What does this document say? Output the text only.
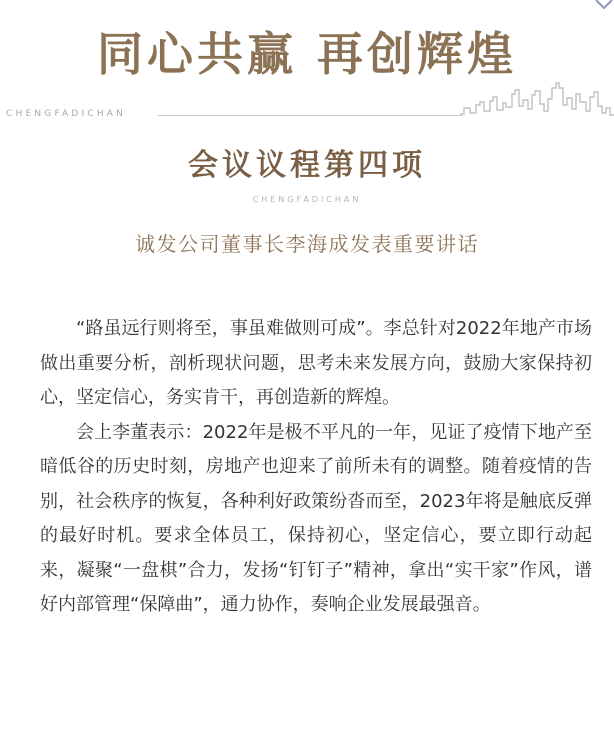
同心共赢 再创辉煌
CHENGFADICHAN
会议议程第四项
CHENGFADICHAN
诚发公司董事长李海成发表重要讲话

“路虽远行则将至，事虽难做则可成”。李总针对2022年地产市场做出重要分析，剖析现状问题，思考未来发展方向，鼓励大家保持初心，坚定信心，务实肯干，再创造新的辉煌。

会上李董表示：2022年是极不平凡的一年，见证了疫情下地产至暗低谷的历史时刻，房地产也迎来了前所未有的调整。随着疫情的告别，社会秩序的恢复，各种利好政策纷沓而至，2023年将是触底反弹的最好时机。要求全体员工，保持初心，坚定信心，要立即行动起来，凝聚“一盘棋”合力，发扬“钉钉子”精神，拿出“实干家”作风，谱好内部管理“保障曲”，通力协作，奏响企业发展最强音。
